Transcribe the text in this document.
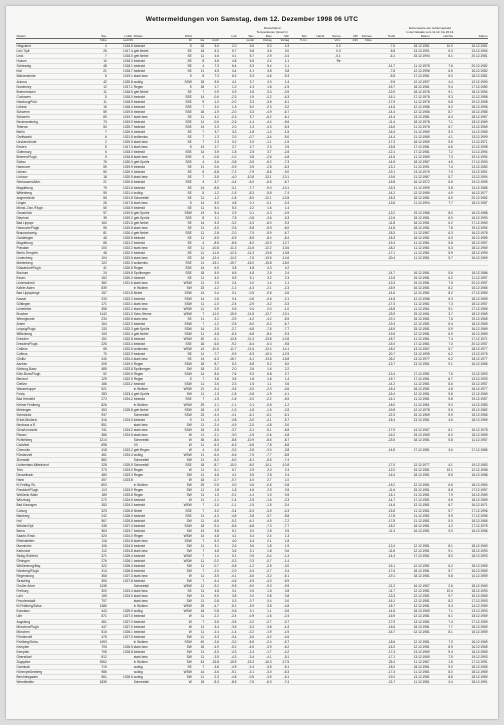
Wettermeldungen von Samstag, dem 12. Dezember 1998 06 UTC
							Deutschland									Extremwerte der Lufttemperatur			
							Temperaturen (Grad C)									in der Dekade vom 11.12. bis 20.12.			
Station	Sta-	Luftdr.	Wetter	Wind			Luft	Tau-	Max	Min	Min	Nacht	Sonne	RR	Schnee	Tiefst	Datum	Höchst	Datum
	höhe	red.NN		Ri	Gs	km/h		punkt	Vortag	Vortag	5 cm		Vort.	24h	höhe				
Helgoland	4	1016.8	bedeckt	S	26	5.6	2.0	6.6	5.0	4.3			0.0			-7.5	18.12.1981	10.0	16.12.1961
List / Sylt	26	1017.4	gefr.Nebel	SE	18	6.3	5.7	5.8	3.5	3.0			0.3			-5.8	13.12.1991	6.3	13.12.1994
Leck	7	1018.0	gefr.Nebel	SE	11	4.6	4.1	5.7	2.9	-0.4			-0.1			-6.1	15.12.1994	6.1	20.12.1981
Husum	10	1018.3	bedeckt	SE	8	4.8	4.8	5.6	2.4	1.1			Re						
Schleswig	48	1018.1	bedeckt	SE	4	7.3	6.4	5.3	5.4	1.1						-14.7	11.12.1978	7.6	20.12.1982
Kiel	21	1018.7	bedeckt	SE	11	4.5	4.4	4.1	3.8	3.8						-7.8	12.12.1996	6.5	16.12.1982
Warnemünde	6	1019.1	stark bew.	S	8	7.3	6.3	5.3	-4.6	-5.3						-5.8	17.12.1981	6.0	18.12.1981
Arkona	42	1020.8	wolkig	SSW	18	5.5	4.1	3.7	4.0	1.4						-9.5	12.12.1997	4.4	12.12.1990
Norderney	12	1017.1	Regen	S	18	1.7	1.2	4.3	1.8	-1.5						-15.7	18.12.1981	9.4	17.12.1980
Bremerhaven	11	1018.5	gefr.Nebel	SE	7	0.9	0.9	2.6	3.3	-3.9						-13.9	18.12.1978	9.1	18.12.1994
Cuxhaven	5	1018.0	bedeckt	SSE	14	-0.6	-2.3	1.9	-0.2	-6.3						-16.1	17.12.1978	9.3	12.12.1998
Hamburg/Fuhl.	11	1018.5	bedeckt	SSE	9	-1.0	-2.0	3.3	-3.6	-6.1						-17.9	11.12.1978	6.8	19.12.1958
Lübeck	16	1018.4	bedeckt	SSE	7	3.0	1.3	5.2	-2.3	-3.2						-14.6	12.12.1986	8.2	18.12.1996
Schwerin	59	1019.5	bedeckt	SSE	18	-1.9	-2.0	3.3	-4.9	-6.7						-14.4	12.12.1956	8.7	16.12.1985
Schwerin	69	1019.7	stark bew.	SE	11	4.2	-2.3	3.7	-6.2	-6.1						-14.4	13.12.1981	6.4	18.12.1967
Neubrandenbg.	73	1019.9	bedeckt	SSE	11	-0.6	-2.6	-1.4	-4.4	-5.6						-11.4	18.12.1978	7.1	18.12.1969
Teterow	50	1020.7	bedeckt	SSE	14	2.3	2.0	1.3	-4.3	-5.3						-16.6	11.12.1978	6.7	13.12.1969
Berlin	7	1020.5	bedeckt	SE	7	3.7	3.3	-1.8	-1.4	-1.5						-16.4	11.12.1969	5.0	14.12.1969
Greifswald	6	1021.5	wolkenlos	SE	7	1.3	2.0	-0.7	-3.4	-5.0						-14.4	11.12.1969	4.1	13.12.1999
Ueckermünde	2	1020.5	stark bew.	SE	7	2.3	0.2	2.0	-1.1	-1.5						-17.3	18.12.1969	5.6	11.12.1971
Emden	5	1017.3	stark bew.	S	14	2.7	2.7	2.7	2.3	2.5						-15.8	17.12.1981	6.6	12.12.1998
Oldenburg	6	1018.0	bedeckt	SSE	14	3.9	1.8	2.5	3.7	-2.8						-12.1	17.12.1981	7.2	11.12.1994
Bremen/Flugh.	5	1018.8	stark bew.	SSE	4	-0.8	-1.0	3.8	-2.6	-4.8						-14.6	11.12.1969	7.3	19.12.1994
Soltau	76	1020.0	gefr.Sprühr	SSE	4	-3.6	-3.8	-3.5	-6.2	-7.3						-14.5	18.12.1987	4.6	17.12.1993
Hannover	59	1019.9	bedeckt	SE	11	0.6	-0.9	2.5	-2.8	-6.3						-13.1	11.12.1991	7.4	13.12.1980
Uelzen	50	1020.0	bedeckt	SE	6	-6.8	-7.2	-7.9	-8.6	-9.0						-19.1	13.12.1975	7.0	13.12.1991
Lüchow	18	1020.5	stark bew.	SE	7	-3.8	-4.0	-10.8	-13.1	-13.1						-19.6	11.12.1987	5.7	13.12.1994
Seehausen/Altm.	21	1020.8	bedeckt	SSE	4	-3.7	-4.4	-6.0	-6.5	-6.7						-16.8	16.12.1972	6.6	19.12.1995
Magdeburg	79	1021.6	bedeckt	SE	14	-8.8	-3.1	-7.7	-9.0	-10.1						-15.3	11.12.1995	5.8	13.12.1985
Wittenberg	59	1021.4	wolkig	SE	5	-1.2	-1.5	-5.3	-5.8	-7.4						-14.2	12.12.1969	4.9	16.12.1977
Angermünde	55	1021.8	Schneefall	SE	11	-1.2	-1.8	-8.0	-12.1	-12.8						-18.3	18.12.1981	6.0	20.12.1982
Lingen	26	1017.8	stark bew.	S	14	5.0	4.8	0.1	-0.1	-0.4						-13.8	11.12.1994	7.7	18.12.1987
Münst.-Osn./Flugh.	50	1018.9	bedeckt	SE	11	5.4	5.3	2.2	1.6	1.4									
Osnabrück	97	1019.5	gefr.Sprühr	SSW	14	5.4	2.9	0.1	-0.3	-0.9						-13.2	19.12.1986	8.0	16.12.1988
Diepholz	39	1019.2	gefr.Sprühr	SSE	8	1.1	7.5	-0.8	-3.6	-0.3						-12.6	18.12.1981	8.0	16.12.1993
Bad Lippspr.	160	1021.5	gefr.Nebel	SE	14	5.3	-3.2	-3.3	-6.0	-9.3						-11.8	18.12.1981	6.2	17.12.1969
Hannover/Flugh.	55	1019.8	stark bew.	SE	11	-3.0	-2.6	-5.8	-5.9	-6.0						-14.8	18.12.1981	7.8	19.12.1994
Braunschweig	81	1020.4	gefr.Nebel	SSE	11	-2.8	-2.0	-7.9	-5.9	-6.7						-18.3	11.12.1987	6.3	16.12.1978
Gardelegen	48	1020.8	bedeckt	SE	11	-5.5	-6.9	-8.5	-8.4	-8.4						-18.3	18.12.1981	6.0	16.12.1989
Magdeburg	85	1021.2	bedeckt	SE	4	-8.5	-8.6	-8.2	-10.0	-12.7						-19.4	11.12.1981	5.8	18.12.1957
Potsdam	100	1022.2	stark bew.	SE	11	-10.8	-11.3	-11.6	-12.2	-13.6						-18.2	11.12.1981	6.3	18.12.1969
Berlin-Tempelh.	48	1022.0	bedeckt	SE	11	-11.6	-12.3	-11.3	-13.8	-13.8						-17.1	11.12.1981	5.9	18.12.1999
Lindenberg	104	1022.6	stark bew.	SE	14	-12.4	-14.2	-7.6	-13.6	-14.6						-20.4	11.12.1981	5.7	16.12.1969
Marienberg	122	1022.3	wolkenlos	SSE	11	-15.1	-15.7	-15.0	-15.8	-16.0									
Düsseldorf/Flugh.	41	1020.8	Regen	SSE	14	6.0	3.8	4.8	4.3	4.2									
Bochum	24	1019.8	Sprühregen	SSE	18	6.9	6.5	4.8	2.5	2.4						-14.7	16.12.1981	5.6	18.12.1986
Essen	152	1020.2	bedeckt	SE	11	4.0	5.5	5.1	3.2	2.3						-12.6	15.12.1981	6.2	11.12.1957
Lüdenscheid	382	1021.6	stark bew.	WSW	11	2.9	2.4	2.0	1.4	1.1						-13.3	15.12.1981	7.5	20.12.1957
Kahler Asten	839		in Wolken	SW	23	-1.2	-1.2	-4.3	-2.1	-2.3						-16.9	16.12.1981	8.2	16.12.1965
Bad Lippspringe	157	1021.8	Nebel	SSW	14	0.4	0.1	-0.5	-0.6	-3.6						-14.6	12.12.1981	8.2	17.12.1969
Kassel	233	1022.2	bedeckt	SSW	14	0.6	0.4	-0.6	-0.6	-2.1						-14.8	12.12.1986	6.3	18.12.1969
Göttingen	171	1022.1	stark bew.	SSW	11	-1.0	-2.4	-2.9	-3.2	-3.3						-17.3	11.12.1981	7.3	18.12.1957
Leinefelde	356	1022.2	stark bew.	WSW	11	0.9	0.5	0.4	0.0	-1.0						-18.8	11.12.1961	5.1	17.12.1965
Brocken	1142	1021.3	Schn.Sterne	WSW	7	-11.0	-15.9	-11.8	-12.7	-13.1						-23.9	15.12.1961	3.7	18.12.1969
Wernigerode	234	1020.8	stark bew.	SE	11	-3.1	-3.9	-4.2	-4.2	-5.5						-19.1	15.12.1981	7.6	19.12.1965
Artern	164	1022.0	bedeckt	SSW	7	-1.2	-2.5	-6.0	-6.2	-6.7						-19.4	12.12.1981	6.4	18.12.1969
Leipzig/Flugh.	133	1022.3	gefr.Sprühr	SSW	14	-2.5	-2.7	-6.8	-7.5	-7.7						-18.9	15.12.1981	5.9	16.12.1969
Wittenberg	105	1022.4	gefr.Nebel	SSW	11	-4.8	-6.3	-6.8	-8.4	-9.3						-19.6	12.12.1981	6.9	16.12.1969
Dresden	152	1022.8	bedeckt	WSW	20	-6.1	-12.8	-11.3	-13.8	-13.8						-18.7	11.12.1981	7.4	17.12.1971
Dresden/Flugh.	226	1023.4	bedeckt	SSE	18	-6.6	-9.2	-6.4	-6.3	-9.8						-15.0	17.12.1981	7.0	20.12.1957
Cottbus	69	1022.6	wolkenlos	WSW	14	-10.5	-11.7	-11.6	-12.4	-14.1						-18.2	13.12.1967	5.7	18.12.1977
Cottbus	70	1022.9	bedeckt	SE	11	-7.7	-9.9	-9.3	-10.0	-12.9						-20.7	13.12.1999	6.2	13.12.1975
Görlitz	240	1024.4	stark bew.	SE	14	-6.3	-16.7	-6.1	-13.8	-16.8						-26.2	13.12.1977	6.2	18.12.1977
Aachen	205	1019.4	Regen	SSW	18	8.7	5.2	6.8	5.2	6.0						-13.7	13.12.1961	9.1	16.12.1965
Nürburg-Barw.	485	1023.8	Sprühregen	SW	18	2.0	2.0	2.6	1.6	2.2									
Köln-Bonn/Flugh.	92	1020.6	Regen	SSW	14	8.6	7.6	9.3	6.8	0.7						-13.4	17.12.1981	7.6	13.12.1993
Bendorf	129	1022.5	Regen	S	7	3.8	3.6	1.8	1.8	1.4						-15.7	17.12.1981	6.7	13.12.1993
Gießen	186	1023.2	bedeckt	SSW	11	2.6	2.3	1.5	1.1	0.6						-14.2	11.12.1981	8.6	15.12.1957
Wasserkuppe	921		in Wolken	WSW	21	-3.4	-3.5	-3.0	-2.3	-3.6						-18.4	18.12.1981	4.8	16.12.1977
Fulda	283	1023.4	gefr.Sprühr	SW	11	-1.3	-1.8	-0.6	-1.9	-4.1						-15.4	12.12.1981	5.8	12.12.1969
Bad Hersfeld	272	1024.2	bedeckt	SSE	7	-1.5	-1.6	-2.0	-2.2	-5.5						-16.1	11.12.1981	5.8	19.12.1957
Kleiner Feldberg	826		in Wolken	WSW	29	-1.1	-1.1	0.1	-0.8	-1.2						-18.0	11.12.1961	5.0	14.12.1983
Meiningen	453	1025.8	gefr.Nebel	SSW	18	-1.5	-1.5	-1.8	-1.5	-2.8						-19.8	12.12.1978	5.5	15.12.1982
Schmücke	937		Schneefall	SSW	23	-4.4	-4.1	-6.1	-6.1	-6.1						-22.3	15.12.1969	5.9	15.12.1965
Erfurt-Bindersl.	316	1024.0	bedeckt	S	11	-1.3	-4.8	-3.0	-4.1	-5.7						-18.4	13.12.1981	4.6	18.12.1969
Neuhaus a.R.	851		stark bew.	SW	11	-2.4	-4.9	-2.0	-4.8	-3.0									
Gera/Leumnitz	311	1024.2	stark bew.	SSW	16	-3.5	-3.7	-3.1	-5.1	-6.8						-17.9	14.12.1967	6.1	16.12.1978
Plauen	386	1024.5	stark bew.	W	11	-2.1	-3.0	-2.5	-2.6	-4.8						-16.2	15.12.1969	6.0	15.12.1969
Fichtelberg	1214		Schneefall	W	36	-8.6	-8.8	-10.9	-8.6	-8.7						-23.5	18.12.1981	5.8	11.12.1957
Carlsfeld	698		XX	W	11	-6.3	-6.3	-6.8	-7.8	-8.8									
Chemnitz	418	1022.2	gefr.Regen	W	4	-3.6	-3.3	-2.8	-3.0	-3.8						-14.8	17.12.1981	3.6	17.12.1985
Fürstenzell	481	1024.4	wolkig	WSW	11	-6.4	-6.6	-7.5	-7.7	-8.8									
Zinnwald	882		Schneefall	SW	11	-5.2	-6.0	-6.1	-6.5	-7.4									
Lichtenhain-Mittelndorf	328	1025.9	Schneefall	SSE	18	-8.7	-10.0	-8.0	-10.1	-10.8						-17.0	12.12.1977	4.1	19.12.1983
Trier	273	1023.0	Regen	W	11	6.1	6.7	2.5	2.0	2.4						-12.0	15.12.1981	10.1	12.12.1998
Deuselbach	480	1023.3	Regen	SW	11	4.8	4.1	3.5	2.8	2.4						-16.4	18.12.1981	8.5	16.12.1988
Hahn	497	1023.8		W	18	-0.7	-0.7	4.0	2.7	1.0									
Kl.Feldbg./Ts.	803		in Wolken	SW	29	0.5	0.0	0.5	-0.5	-0.8						-15.2	12.12.1981	6.5	18.12.1960
Frankfurt/Flugh.	113	1023.9	Regen	SW	11	1.8	1.8	4.6	2.5	0.5						-11.6	15.12.1981	8.8	17.12.1997
Weißenb./Main	189	1023.8	Regen	SW	11	1.3	-0.1	-1.4	1.0	0.5						-15.1	11.12.1981	7.9	16.12.1969
Würzburg	272	1024.6	bedeckt	W	11	-1.1	-1.4	-2.5	-1.6	-3.3						-14.7	17.12.1981	6.6	18.12.1969
Bad Kissingen	282	1024.3	bedeckt	WSW	7	-1.0	-1.1	-1.5	-1.5	-3.4						-14.6	12.12.1981	6.7	16.12.1971
Coburg	323	1026.8	Nebel	SSE	7	-3.0	-3.4	-5.3	-3.5	-4.3						-15.8	11.12.1981	5.7	17.12.1996
Bamberg	242	1026.0	bedeckt	SSE	11	-4.3	-4.6	-3.8	-3.7	-5.8						-17.8	11.12.1981	5.9	17.12.1996
Hof	567	1025.8	bedeckt	SW	11	-6.6	-5.2	-6.1	-4.5	-7.2						-17.8	11.12.1981	5.0	18.12.1965
Weiden/Opf.	438	1027.3	bedeckt	SSW	18	-9.4	-6.6	-6.8	-7.3	-7.7						-18.2	18.12.1981	4.2	17.12.1975
Berus	363	1023.7	bedeckt	SW	14	5.8	5.1	3.0	2.8	2.5						-11.3	16.12.1981	9.0	16.12.1966
Saarbr./Ensh.	320	1024.0	Regen	WSW	14	4.8	4.1	3.4	2.4	1.3									
Rheinstetten	116	1024.8	stark bew.	SSW	7	6.3	4.0	3.4	2.1	1.8									
Mannheim	106	1024.6	bedeckt	SW	11	3.1	2.6	3.6	1.8	1.9						-13.4	12.12.1981	8.1	18.12.1969
Karlsruhe	112	1024.8	stark bew.	SW	7	4.8	3.6	3.1	1.8	0.6						-11.8	12.12.1981	9.1	18.12.1993
Stuttg./Echterd.	371	1025.4	bedeckt	WSW	7	1.4	0.1	0.5	-0.4	-1.4						-14.4	17.12.1981	8.0	18.12.1993
Öhringen	276	1026.1	bedeckt	WSW	11	-0.2	-0.3	0.3	-0.7	-1.4									
Weißenburg/Bay.	422	1026.4	bedeckt	SW	11	-0.7	-0.8	-1.2	-2.5	-3.0						-16.1	12.12.1981	6.2	18.12.1969
Nürnberg/Flugh.	314	1026.8	bedeckt	SW	7	-2.0	-2.0	-3.4	-2.7	-3.4						-17.6	18.12.1981	5.7	16.12.1969
Regensburg	366	1027.3	stark bew.	W	11	-3.5	-4.1	-3.6	-3.2	-6.1						-19.1	18.12.1981	5.8	14.12.1969
Straubing	350	1027.8	bedeckt	SW	7	-4.4	-4.5	-3.9	-4.3	-5.9									
Großer Arber	1436		Schneefall	WSW	11	-9.2	-9.5	-9.0	-9.3	-9.9						-21.2	16.12.1967	2.6	18.12.1969
Freiburg	300	1023.4	stark bew.	SE	11	4.8	3.1	2.6	1.5	0.8						-11.7	12.12.1981	10.4	18.12.1993
Lahr	155	1024.0	stark bew.	SW	11	5.0	3.8	2.0	0.8	0.8						-13.3	12.12.1981	9.7	16.12.1969
Freudenstadt	797		stark bew.	SW	11	0.8	0.3	0.7	0.4	0.0						-16.1	12.12.1981	8.2	17.12.1993
Kl.Feldberg/Schw.	1486		in Wolken	WSW	29	-4.7	-5.1	-3.9	-3.8	-4.8						-18.7	12.12.1981	5.4	14.12.1969
Konstanz	443	1025.0	wolkig	WSW	18	0.8	-0.6	3.1	1.1	-0.6						-14.8	18.12.1969	7.1	13.12.1993
Ulm	571	1027.0	bedeckt	W	11	-2.2	-2.4	-0.9	-1.6	-2.4						-16.9	12.12.1981	6.1	18.12.1969
Augsburg	461	1027.0	bedeckt	W	7	-3.5	-3.6	-2.2	-2.7	-3.7						-17.9	13.12.1981	7.4	17.12.1969
München/Flugh.	447	1027.0	bedeckt	W	11	-3.4	-3.6	-3.3	-3.8	-4.3						-16.6	18.12.1981	7.7	18.12.1969
München	515	1026.1	bedeckt	W	11	-1.4	-1.4	-2.2	-1.9	-1.9						-16.7	12.12.1981	8.1	16.12.1969
Fürstenzell	476	1027.0	bedeckt	SW	11	-3.3	-3.4	-3.6	-3.2	-4.6									
Feldberg/Schw.	1493		in Wolken	SSW	40	-2.6	-3.0	-5.6	-2.4	-5.7						-18.6	12.12.1981	7.3	16.12.1969
Kempten	705	1026.5	stark bew.	SW	18	-4.9	-5.2	-4.6	-3.9	-6.2						-16.3	12.12.1981	8.9	16.12.1965
Kempten	705	1026.8	bedeckt	SW	11	-3.3	-4.3	-2.4	-1.7	-4.2						-17.3	13.12.1969	9.4	16.12.1969
Oberstdorf	812		stark bew.	SW	11	-3.5	-4.3	-3.4	-4.1	-5.1						-17.1	13.12.1969	7.9	19.12.1993
Zugspitze	2962		in Wolken	SW	43	-15.8	-15.9	-15.3	-16.3	-17.5						-25.4	11.12.1967	1.5	17.12.1991
Garmisch	719		wolkig	SE	7	-3.8	-4.9	-2.4	-3.5	-5.1						-18.0	18.12.1981	9.0	18.12.1965
Hohenpeißenberg	986		wolkig	WSW	14	-3.6	-5.1	-3.1	-3.0	-5.3						-17.3	11.12.1981	8.0	18.12.1969
Berchtesgaden	561	1026.5	wolkig	SW	11	-2.3	-4.8	-0.5	-3.5	-5.1						-19.0	13.12.1981	8.8	18.12.1969
Wendelstein	1835		Schneefall	W	18	-8.3	-8.5	-7.6	-6.3	-7.4						-21.7	11.12.1981	3.4	18.12.1991
